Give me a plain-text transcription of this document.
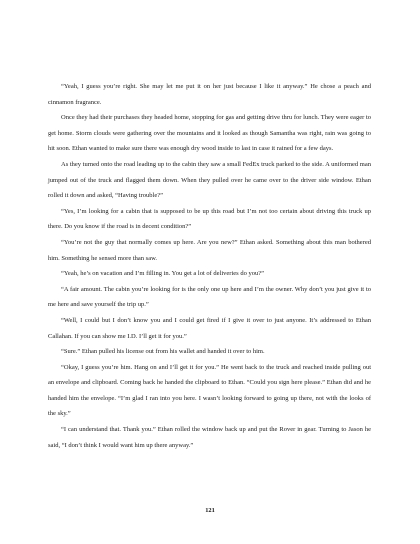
“Yeah, I guess you’re right. She may let me put it on her just because I like it anyway.” He chose a peach and cinnamon fragrance.

Once they had their purchases they headed home, stopping for gas and getting drive thru for lunch. They were eager to get home. Storm clouds were gathering over the mountains and it looked as though Samantha was right, rain was going to hit soon. Ethan wanted to make sure there was enough dry wood inside to last in case it rained for a few days.

As they turned onto the road leading up to the cabin they saw a small FedEx truck parked to the side. A uniformed man jumped out of the truck and flagged them down. When they pulled over he came over to the driver side window. Ethan rolled it down and asked, “Having trouble?”

“Yes, I’m looking for a cabin that is supposed to be up this road but I’m not too certain about driving this truck up there. Do you know if the road is in decent condition?”

“You’re not the guy that normally comes up here. Are you new?” Ethan asked. Something about this man bothered him. Something he sensed more than saw.

“Yeah, he’s on vacation and I’m filling in. You get a lot of deliveries do you?”

“A fair amount. The cabin you’re looking for is the only one up here and I’m the owner. Why don’t you just give it to me here and save yourself the trip up.”

“Well, I could but I don’t know you and I could get fired if I give it over to just anyone. It’s addressed to Ethan Callahan. If you can show me I.D. I’ll get it for you.”

“Sure.” Ethan pulled his license out from his wallet and handed it over to him.

“Okay, I guess you’re him. Hang on and I’ll get it for you.” He went back to the truck and reached inside pulling out an envelope and clipboard. Coming back he handed the clipboard to Ethan. “Could you sign here please.” Ethan did and he handed him the envelope. “I’m glad I ran into you here. I wasn’t looking forward to going up there, not with the looks of the sky.”

“I can understand that. Thank you.” Ethan rolled the window back up and put the Rover in gear. Turning to Jason he said, “I don’t think I would want him up there anyway.”

121
